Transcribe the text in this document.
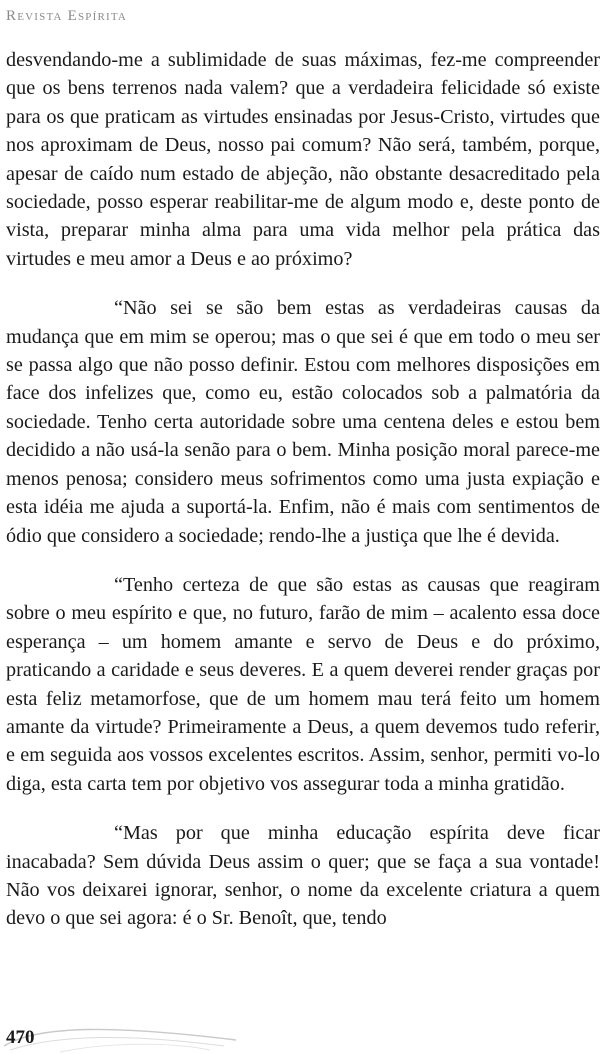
Revista Espírita

desvendando-me a sublimidade de suas máximas, fez-me compreender que os bens terrenos nada valem? que a verdadeira felicidade só existe para os que praticam as virtudes ensinadas por Jesus-Cristo, virtudes que nos aproximam de Deus, nosso pai comum? Não será, também, porque, apesar de caído num estado de abjeção, não obstante desacreditado pela sociedade, posso esperar reabilitar-me de algum modo e, deste ponto de vista, preparar minha alma para uma vida melhor pela prática das virtudes e meu amor a Deus e ao próximo?

“Não sei se são bem estas as verdadeiras causas da mudança que em mim se operou; mas o que sei é que em todo o meu ser se passa algo que não posso definir. Estou com melhores disposições em face dos infelizes que, como eu, estão colocados sob a palmatória da sociedade. Tenho certa autoridade sobre uma centena deles e estou bem decidido a não usá-la senão para o bem. Minha posição moral parece-me menos penosa; considero meus sofrimentos como uma justa expiação e esta idéia me ajuda a suportá-la. Enfim, não é mais com sentimentos de ódio que considero a sociedade; rendo-lhe a justiça que lhe é devida.

“Tenho certeza de que são estas as causas que reagiram sobre o meu espírito e que, no futuro, farão de mim – acalento essa doce esperança – um homem amante e servo de Deus e do próximo, praticando a caridade e seus deveres. E a quem deverei render graças por esta feliz metamorfose, que de um homem mau terá feito um homem amante da virtude? Primeiramente a Deus, a quem devemos tudo referir, e em seguida aos vossos excelentes escritos. Assim, senhor, permiti vo-lo diga, esta carta tem por objetivo vos assegurar toda a minha gratidão.

“Mas por que minha educação espírita deve ficar inacabada? Sem dúvida Deus assim o quer; que se faça a sua vontade! Não vos deixarei ignorar, senhor, o nome da excelente criatura a quem devo o que sei agora: é o Sr. Benoît, que, tendo

470
